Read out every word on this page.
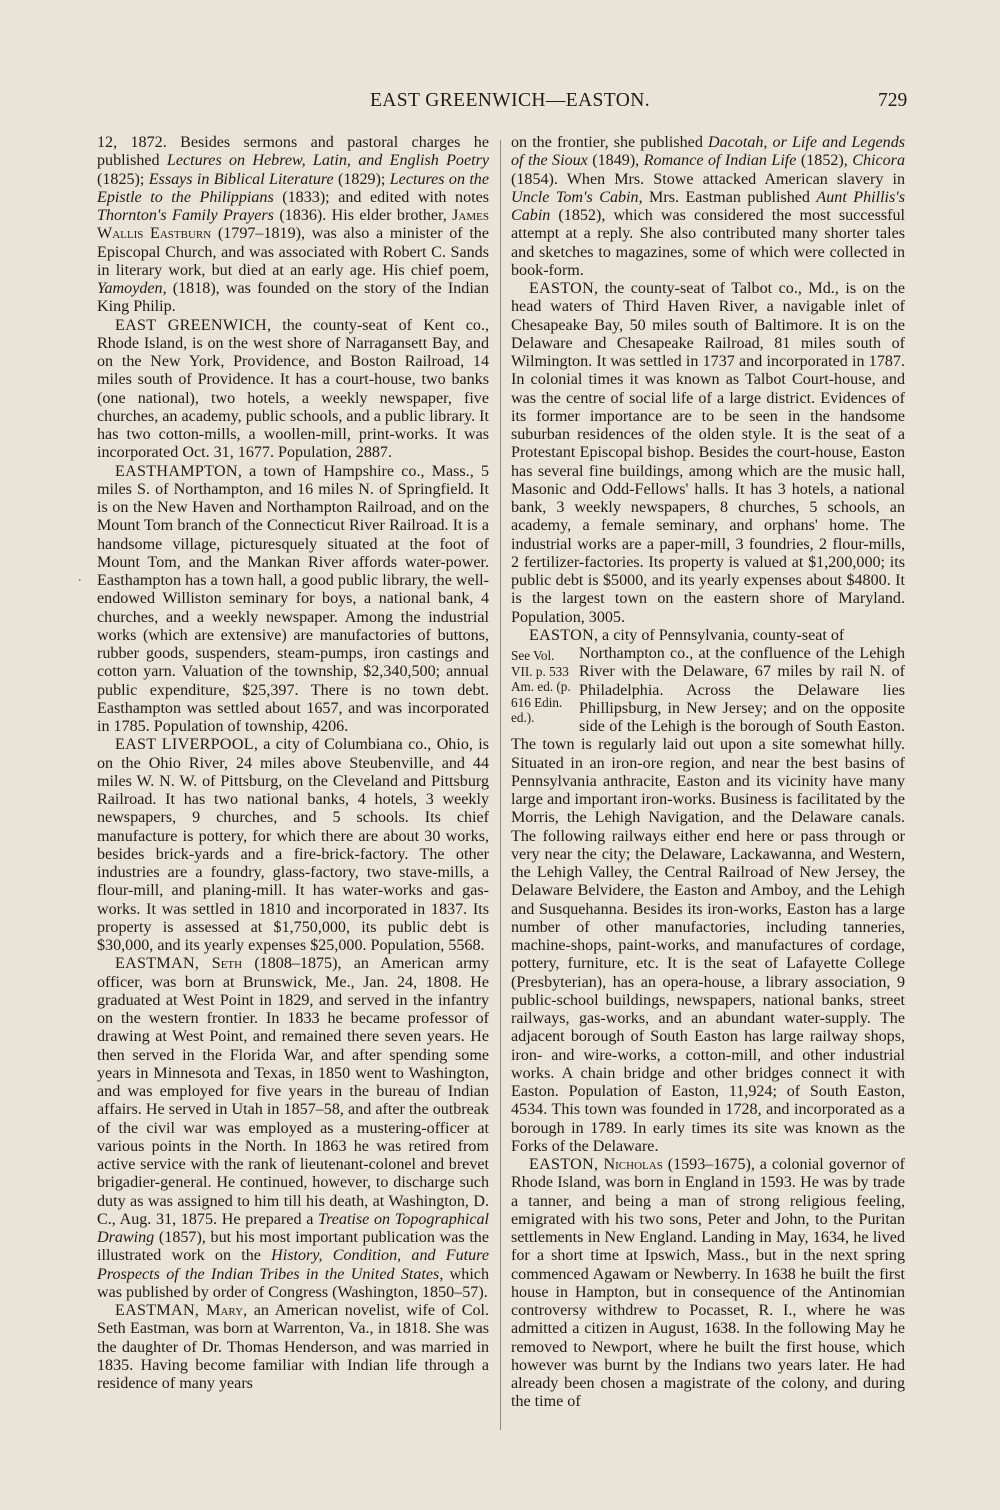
EAST GREENWICH—EASTON.	729

12, 1872. Besides sermons and pastoral charges he published Lectures on Hebrew, Latin, and English Poetry (1825); Essays in Biblical Literature (1829); Lectures on the Epistle to the Philippians (1833); and edited with notes Thornton's Family Prayers (1836). His elder brother, James Wallis Eastburn (1797–1819), was also a minister of the Episcopal Church, and was associated with Robert C. Sands in literary work, but died at an early age. His chief poem, Yamoyden, (1818), was founded on the story of the Indian King Philip.

EAST GREENWICH, the county-seat of Kent co., Rhode Island, is on the west shore of Narragansett Bay, and on the New York, Providence, and Boston Railroad, 14 miles south of Providence. It has a court-house, two banks (one national), two hotels, a weekly newspaper, five churches, an academy, public schools, and a public library. It has two cotton-mills, a woollen-mill, print-works. It was incorporated Oct. 31, 1677. Population, 2887.

EASTHAMPTON, a town of Hampshire co., Mass., 5 miles S. of Northampton, and 16 miles N. of Springfield. It is on the New Haven and Northampton Railroad, and on the Mount Tom branch of the Connecticut River Railroad. It is a handsome village, picturesquely situated at the foot of Mount Tom, and the Mankan River affords water-power. Easthampton has a town hall, a good public library, the well-endowed Williston seminary for boys, a national bank, 4 churches, and a weekly newspaper. Among the industrial works (which are extensive) are manufactories of buttons, rubber goods, suspenders, steam-pumps, iron castings and cotton yarn. Valuation of the township, $2,340,500; annual public expenditure, $25,397. There is no town debt. Easthampton was settled about 1657, and was incorporated in 1785. Population of township, 4206.

EAST LIVERPOOL, a city of Columbiana co., Ohio, is on the Ohio River, 24 miles above Steubenville, and 44 miles W. N. W. of Pittsburg, on the Cleveland and Pittsburg Railroad. It has two national banks, 4 hotels, 3 weekly newspapers, 9 churches, and 5 schools. Its chief manufacture is pottery, for which there are about 30 works, besides brick-yards and a fire-brick-factory. The other industries are a foundry, glass-factory, two stave-mills, a flour-mill, and planing-mill. It has water-works and gas-works. It was settled in 1810 and incorporated in 1837. Its property is assessed at $1,750,000, its public debt is $30,000, and its yearly expenses $25,000. Population, 5568.

EASTMAN, Seth (1808–1875), an American army officer, was born at Brunswick, Me., Jan. 24, 1808. He graduated at West Point in 1829, and served in the infantry on the western frontier. In 1833 he became professor of drawing at West Point, and remained there seven years. He then served in the Florida War, and after spending some years in Minnesota and Texas, in 1850 went to Washington, and was employed for five years in the bureau of Indian affairs. He served in Utah in 1857–58, and after the outbreak of the civil war was employed as a mustering-officer at various points in the North. In 1863 he was retired from active service with the rank of lieutenant-colonel and brevet brigadier-general. He continued, however, to discharge such duty as was assigned to him till his death, at Washington, D. C., Aug. 31, 1875. He prepared a Treatise on Topographical Drawing (1857), but his most important publication was the illustrated work on the History, Condition, and Future Prospects of the Indian Tribes in the United States, which was published by order of Congress (Washington, 1850–57).

EASTMAN, Mary, an American novelist, wife of Col. Seth Eastman, was born at Warrenton, Va., in 1818. She was the daughter of Dr. Thomas Henderson, and was married in 1835. Having become familiar with Indian life through a residence of many years

on the frontier, she published Dacotah, or Life and Legends of the Sioux (1849), Romance of Indian Life (1852), Chicora (1854). When Mrs. Stowe attacked American slavery in Uncle Tom's Cabin, Mrs. Eastman published Aunt Phillis's Cabin (1852), which was considered the most successful attempt at a reply. She also contributed many shorter tales and sketches to magazines, some of which were collected in book-form.

EASTON, the county-seat of Talbot co., Md., is on the head waters of Third Haven River, a navigable inlet of Chesapeake Bay, 50 miles south of Baltimore. It is on the Delaware and Chesapeake Railroad, 81 miles south of Wilmington. It was settled in 1737 and incorporated in 1787. In colonial times it was known as Talbot Court-house, and was the centre of social life of a large district. Evidences of its former importance are to be seen in the handsome suburban residences of the olden style. It is the seat of a Protestant Episcopal bishop. Besides the court-house, Easton has several fine buildings, among which are the music hall, Masonic and Odd-Fellows' halls. It has 3 hotels, a national bank, 3 weekly newspapers, 8 churches, 5 schools, an academy, a female seminary, and orphans' home. The industrial works are a paper-mill, 3 foundries, 2 flour-mills, 2 fertilizer-factories. Its property is valued at $1,200,000; its public debt is $5000, and its yearly expenses about $4800. It is the largest town on the eastern shore of Maryland. Population, 3005.

EASTON, a city of Pennsylvania, county-seat of

See Vol. VII. p. 533 Am. ed. (p. 616 Edin. ed.).
Northampton co., at the confluence of the Lehigh River with the Delaware, 67 miles by rail N. of Philadelphia. Across the Delaware lies Phillipsburg, in New Jersey; and on the opposite side of the Lehigh is the borough of South Easton. The town is regularly laid out upon a site somewhat hilly. Situated in an iron-ore region, and near the best basins of Pennsylvania anthracite, Easton and its vicinity have many large and important iron-works. Business is facilitated by the Morris, the Lehigh Navigation, and the Delaware canals. The following railways either end here or pass through or very near the city; the Delaware, Lackawanna, and Western, the Lehigh Valley, the Central Railroad of New Jersey, the Delaware Belvidere, the Easton and Amboy, and the Lehigh and Susquehanna. Besides its iron-works, Easton has a large number of other manufactories, including tanneries, machine-shops, paint-works, and manufactures of cordage, pottery, furniture, etc. It is the seat of Lafayette College (Presbyterian), has an opera-house, a library association, 9 public-school buildings, newspapers, national banks, street railways, gas-works, and an abundant water-supply. The adjacent borough of South Easton has large railway shops, iron- and wire-works, a cotton-mill, and other industrial works. A chain bridge and other bridges connect it with Easton. Population of Easton, 11,924; of South Easton, 4534. This town was founded in 1728, and incorporated as a borough in 1789. In early times its site was known as the Forks of the Delaware.

EASTON, Nicholas (1593–1675), a colonial governor of Rhode Island, was born in England in 1593. He was by trade a tanner, and being a man of strong religious feeling, emigrated with his two sons, Peter and John, to the Puritan settlements in New England. Landing in May, 1634, he lived for a short time at Ipswich, Mass., but in the next spring commenced Agawam or Newberry. In 1638 he built the first house in Hampton, but in consequence of the Antinomian controversy withdrew to Pocasset, R. I., where he was admitted a citizen in August, 1638. In the following May he removed to Newport, where he built the first house, which however was burnt by the Indians two years later. He had already been chosen a magistrate of the colony, and during the time of

.
